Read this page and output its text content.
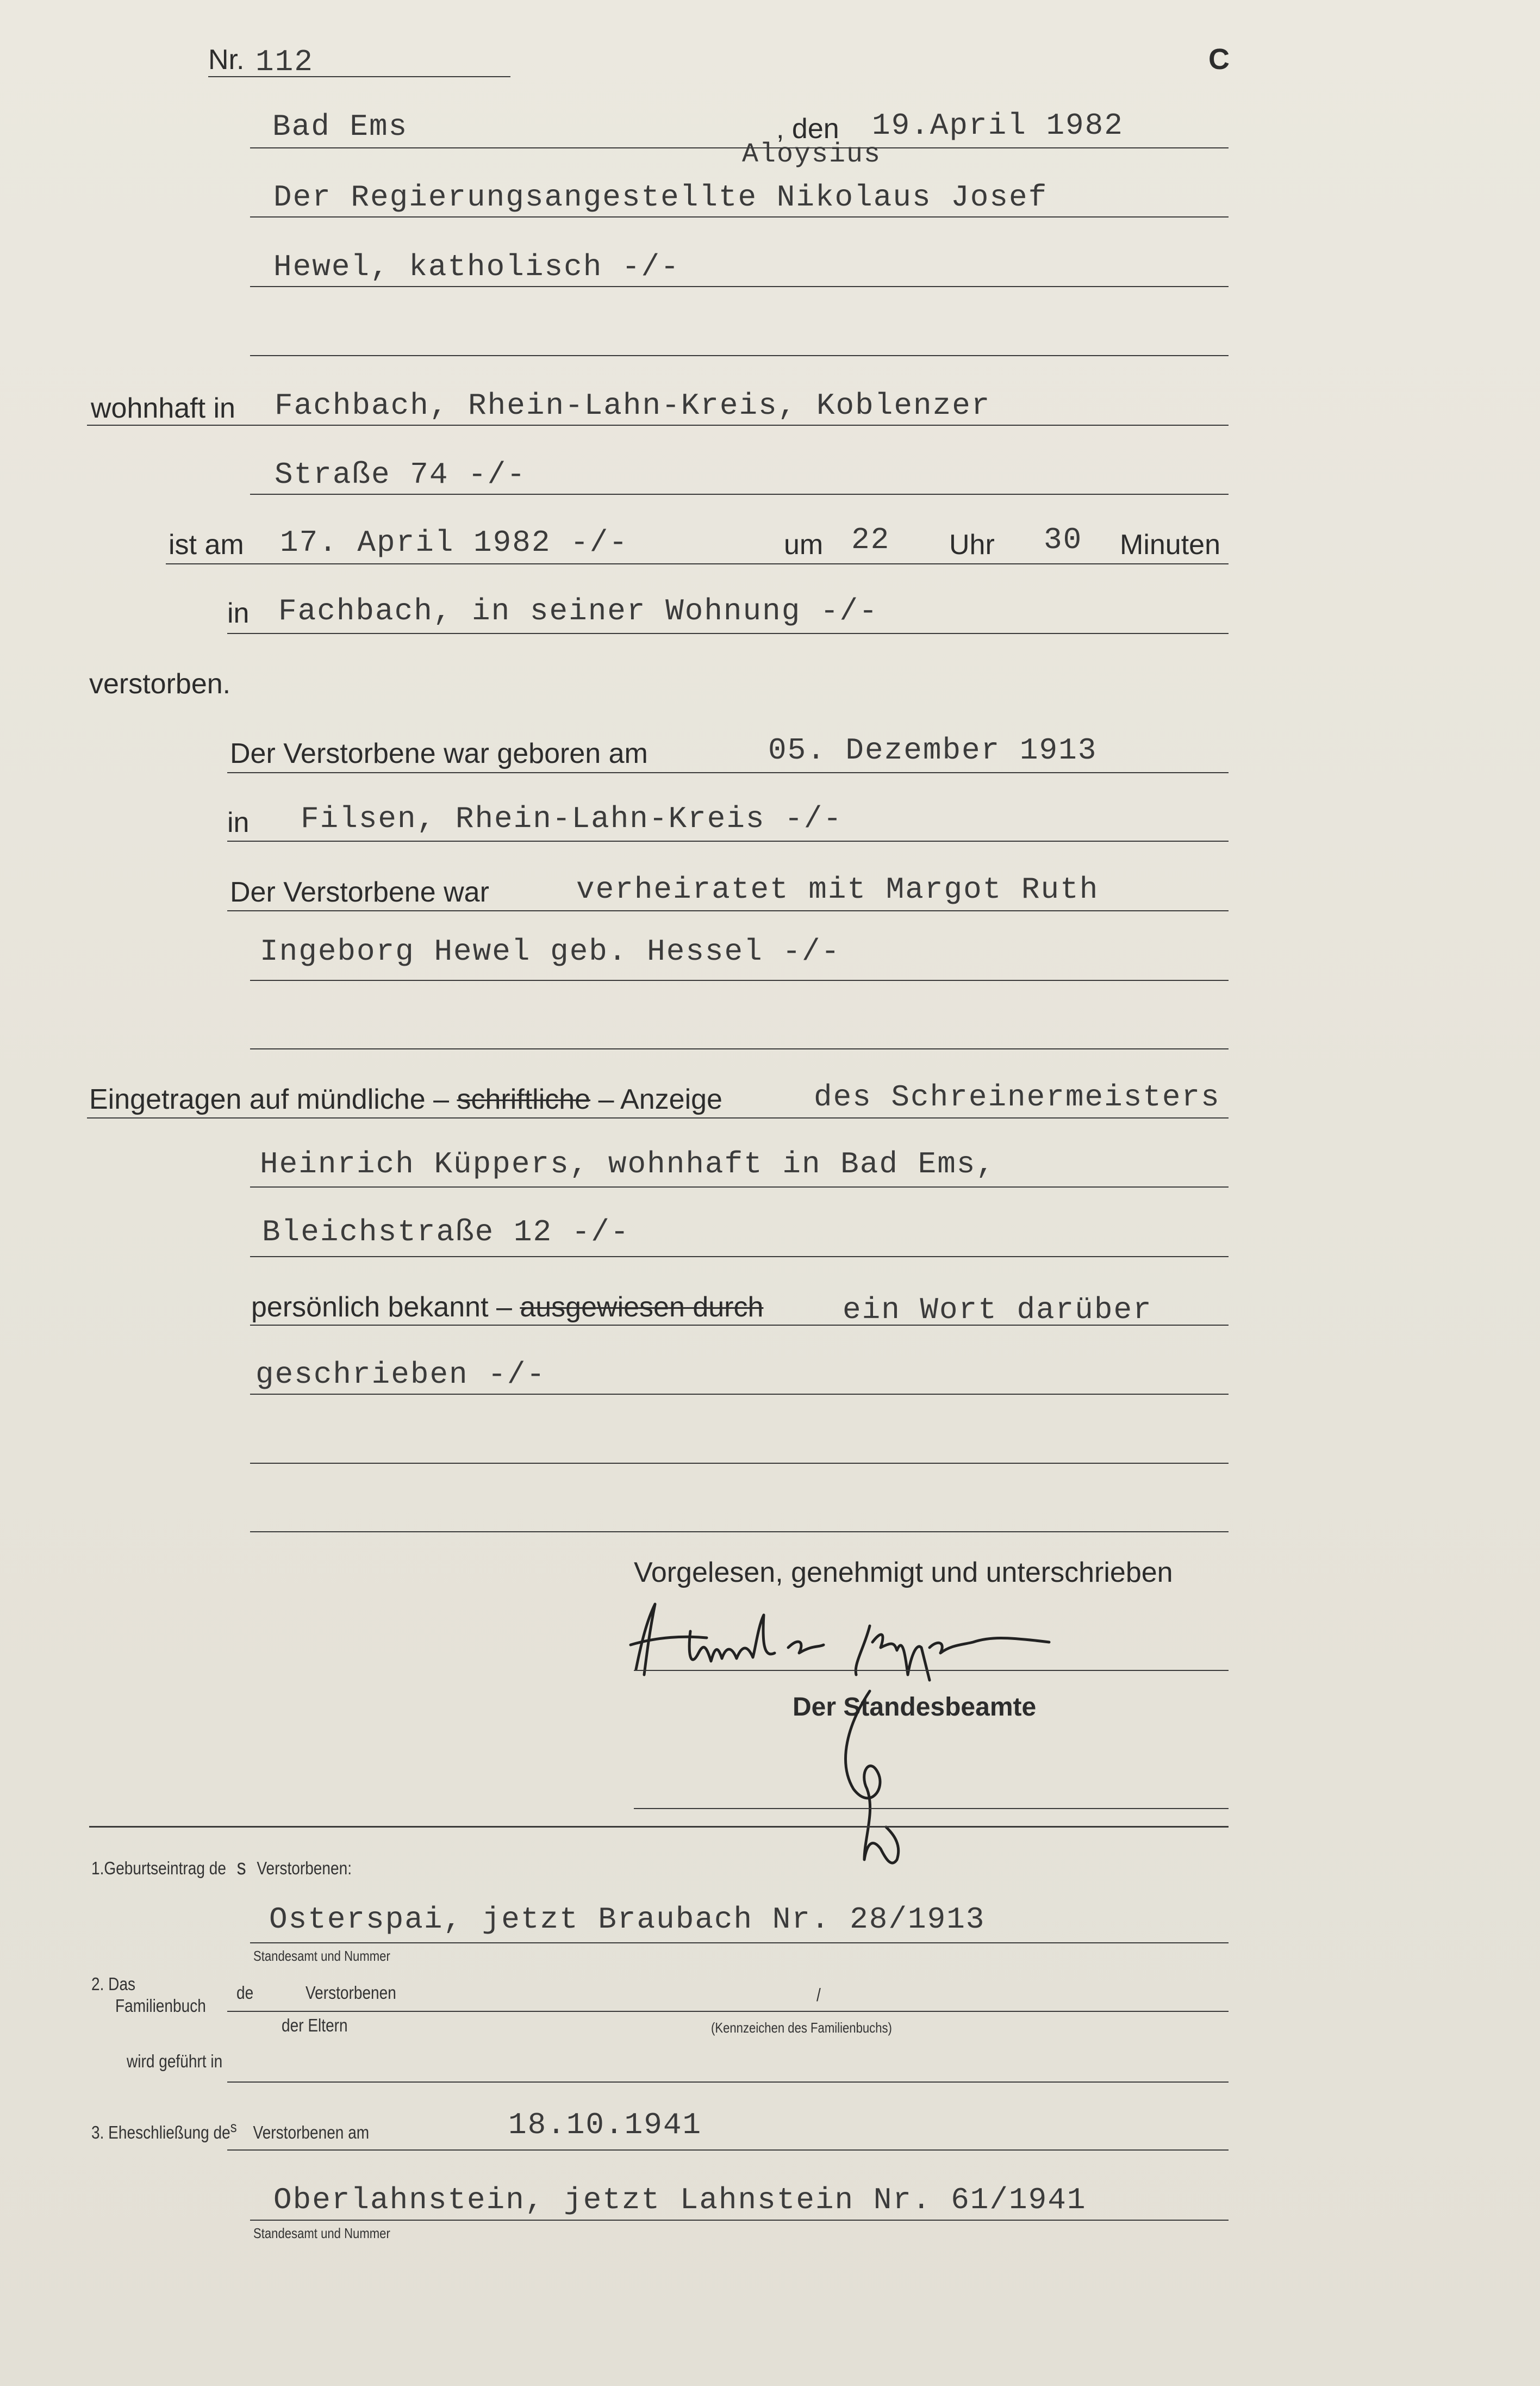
Nr. 112	C
Bad Ems	, den 19.April 1982
Aloysius
Der Regierungsangestellte Nikolaus Josef
Hewel, katholisch -/-
wohnhaft in Fachbach, Rhein-Lahn-Kreis, Koblenzer
Straße 74 -/-
ist am 17. April 1982 -/-	um 22 Uhr 30 Minuten
in Fachbach, in seiner Wohnung -/-
verstorben.
Der Verstorbene war geboren am	05. Dezember 1913
in Filsen, Rhein-Lahn-Kreis -/-
Der Verstorbene war	verheiratet mit Margot Ruth
Ingeborg Hewel geb. Hessel -/-
Eingetragen auf mündliche – schriftliche – Anzeige	des Schreinermeisters
Heinrich Küppers, wohnhaft in Bad Ems,
Bleichstraße 12 -/-
persönlich bekannt – ausgewiesen durch	ein Wort darüber
geschrieben -/-
Vorgelesen, genehmigt und unterschrieben
Der Standesbeamte
1.Geburtseintrag de s Verstorbenen:
Osterspai, jetzt Braubach Nr. 28/1913
Standesamt und Nummer
2. Das
Familienbuch
de	Verstorbenen
der Eltern
/
(Kennzeichen des Familienbuchs)
wird geführt in
3. Eheschließung $de^s$ Verstorbenen am	18.10.1941
Oberlahnstein, jetzt Lahnstein Nr. 61/1941
Standesamt und Nummer
